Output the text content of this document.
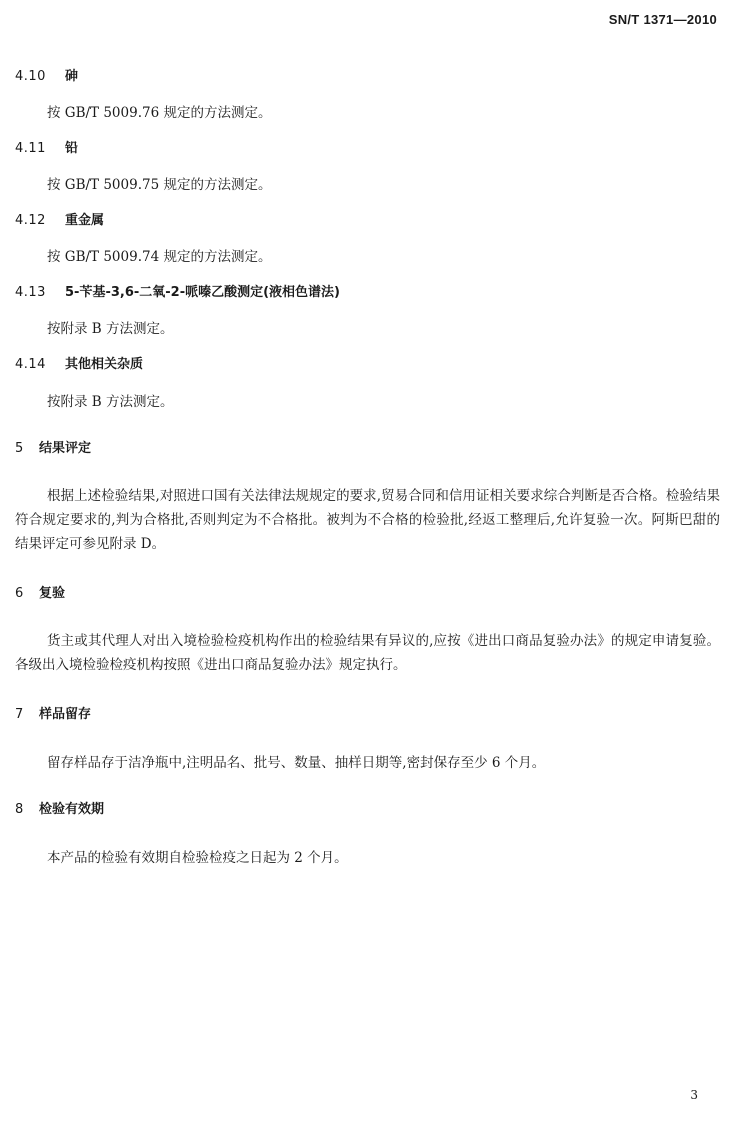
SN/T 1371—2010

4.10 砷

按 GB/T 5009.76 规定的方法测定。

4.11 铅

按 GB/T 5009.75 规定的方法测定。

4.12 重金属

按 GB/T 5009.74 规定的方法测定。

4.13 5-苄基-3,6-二氧-2-哌嗪乙酸测定(液相色谱法)

按附录 B 方法测定。

4.14 其他相关杂质

按附录 B 方法测定。

5 结果评定

根据上述检验结果,对照进口国有关法律法规规定的要求,贸易合同和信用证相关要求综合判断是否合格。检验结果符合规定要求的,判为合格批,否则判定为不合格批。被判为不合格的检验批,经返工整理后,允许复验一次。阿斯巴甜的结果评定可参见附录 D。

6 复验

货主或其代理人对出入境检验检疫机构作出的检验结果有异议的,应按《进出口商品复验办法》的规定申请复验。各级出入境检验检疫机构按照《进出口商品复验办法》规定执行。

7 样品留存

留存样品存于洁净瓶中,注明品名、批号、数量、抽样日期等,密封保存至少 6 个月。

8 检验有效期

本产品的检验有效期自检验检疫之日起为 2 个月。

3
